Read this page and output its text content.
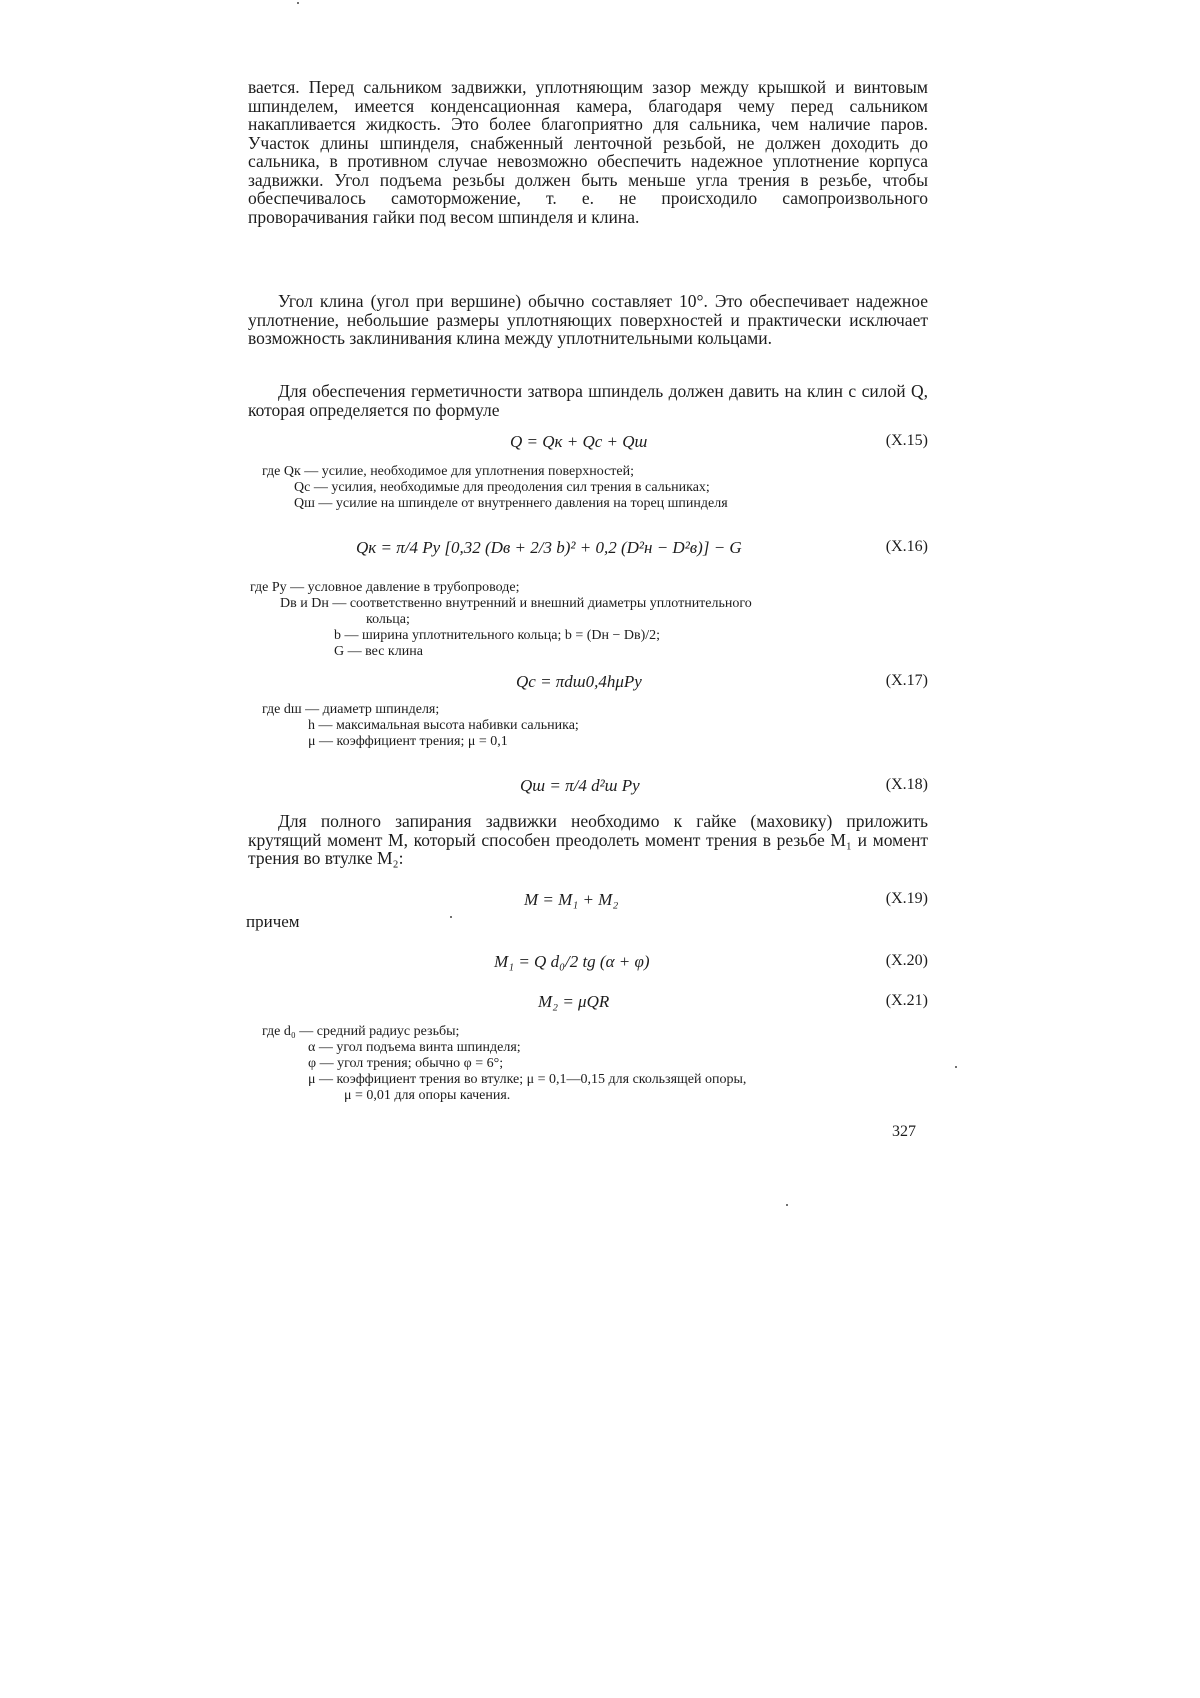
вается. Перед сальником задвижки, уплотняющим зазор между крышкой и винтовым шпинделем, имеется конденсационная камера, благодаря чему перед сальником накапливается жидкость. Это более благоприятно для сальника, чем наличие паров. Участок длины шпинделя, снабженный ленточной резьбой, не должен доходить до сальника, в противном случае невозможно обеспечить надежное уплотнение корпуса задвижки. Угол подъема резьбы должен быть меньше угла трения в резьбе, чтобы обеспечивалось самоторможение, т. е. не происходило самопроизвольного проворачивания гайки под весом шпинделя и клина.

Угол клина (угол при вершине) обычно составляет 10°. Это обеспечивает надежное уплотнение, небольшие размеры уплотняющих поверхностей и практически исключает возможность заклинивания клина между уплотнительными кольцами.

Для обеспечения герметичности затвора шпиндель должен давить на клин с силой Q, которая определяется по формуле

Q = Qк + Qс + Qш	(X.15)
где Qк — усилие, необходимое для уплотнения поверхностей;
Qс — усилия, необходимые для преодоления сил трения в сальниках;
Qш — усилие на шпинделе от внутреннего давления на торец шпинделя
Qк = π/4 Pу [0,32 (Dв + 2/3 b)² + 0,2 (D²н − D²в)] − G	(X.16)
где Pу — условное давление в трубопроводе;
Dв и Dн — соответственно внутренний и внешний диаметры уплотнительного
кольца;
b — ширина уплотнительного кольца; b = (Dн − Dв)/2;
G — вес клина
Qс = πdш0,4hμPу	(X.17)
где dш — диаметр шпинделя;
h — максимальная высота набивки сальника;
μ — коэффициент трения; μ = 0,1
Qш = π/4 d²ш Pу	(X.18)

Для полного запирания задвижки необходимо к гайке (маховику) приложить крутящий момент M, который способен преодолеть момент трения в резьбе M₁ и момент трения во втулке M₂:

M = M₁ + M₂	(X.19)
причем
M₁ = Q d₀/2 tg (α + φ)	(X.20)
M₂ = μQR	(X.21)
где d₀ — средний радиус резьбы;
α — угол подъема винта шпинделя;
φ — угол трения; обычно φ = 6°;
μ — коэффициент трения во втулке; μ = 0,1—0,15 для скользящей опоры,
μ = 0,01 для опоры качения.
327
